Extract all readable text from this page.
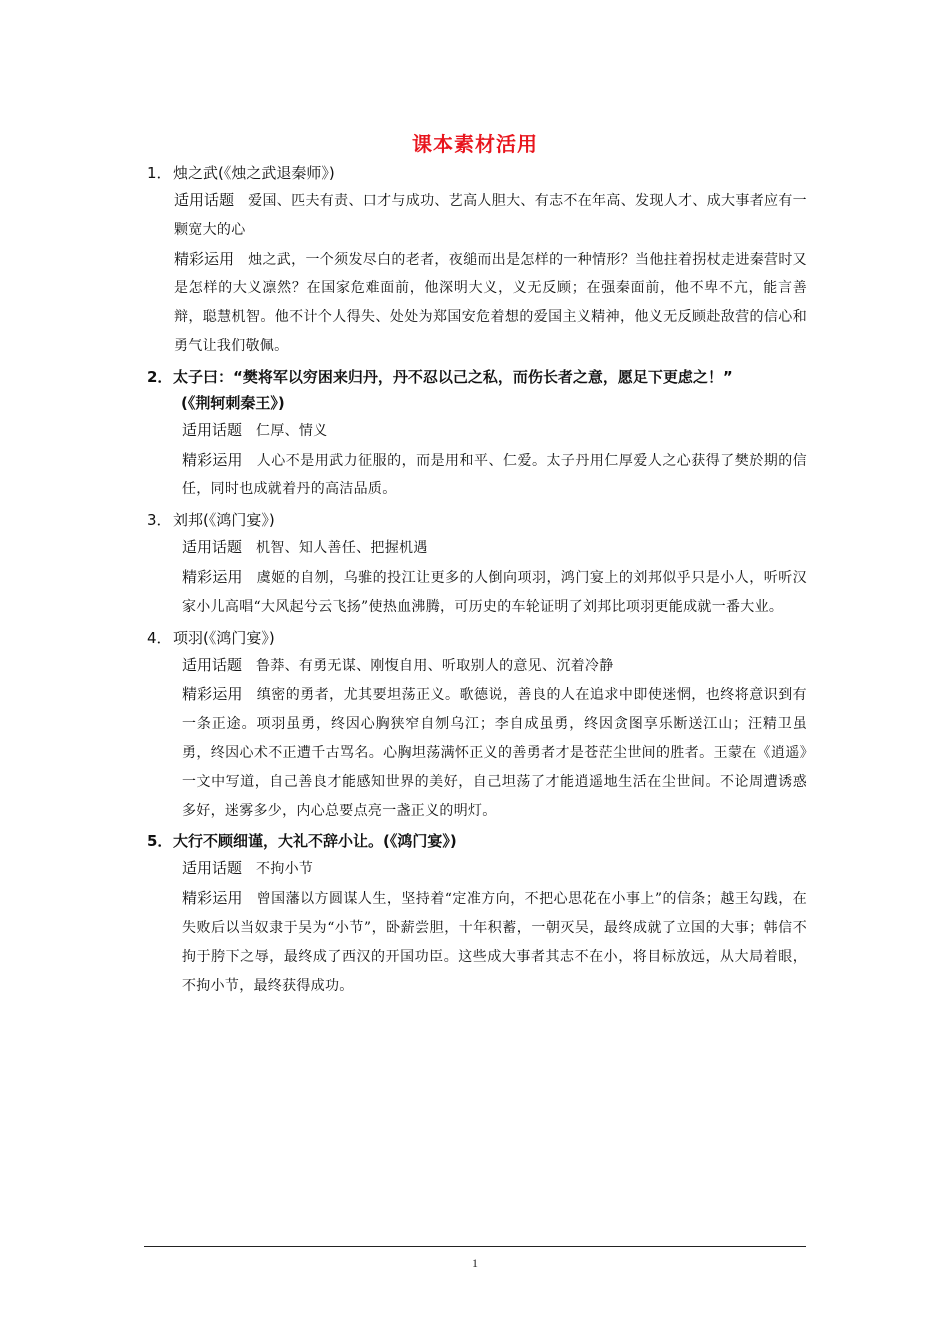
课本素材活用
1．烛之武(《烛之武退秦师》)
适用话题 爱国、匹夫有责、口才与成功、艺高人胆大、有志不在年高、发现人才、成大事者应有一颗宽大的心
精彩运用 烛之武，一个须发尽白的老者，夜缒而出是怎样的一种情形？当他拄着拐杖走进秦营时又是怎样的大义凛然？在国家危难面前，他深明大义，义无反顾；在强秦面前，他不卑不亢，能言善辩，聪慧机智。他不计个人得失、处处为郑国安危着想的爱国主义精神，他义无反顾赴敌营的信心和勇气让我们敬佩。
2．太子曰：“樊将军以穷困来归丹，丹不忍以己之私，而伤长者之意，愿足下更虑之！”
(《荆轲刺秦王》)
适用话题 仁厚、情义
精彩运用 人心不是用武力征服的，而是用和平、仁爱。太子丹用仁厚爱人之心获得了樊於期的信任，同时也成就着丹的高洁品质。
3．刘邦(《鸿门宴》)
适用话题 机智、知人善任、把握机遇
精彩运用 虞姬的自刎，乌骓的投江让更多的人倒向项羽，鸿门宴上的刘邦似乎只是小人，听听汉家小儿高唱“大风起兮云飞扬”使热血沸腾，可历史的车轮证明了刘邦比项羽更能成就一番大业。
4．项羽(《鸿门宴》)
适用话题 鲁莽、有勇无谋、刚愎自用、听取别人的意见、沉着冷静
精彩运用 缜密的勇者，尤其要坦荡正义。歌德说，善良的人在追求中即使迷惘，也终将意识到有一条正途。项羽虽勇，终因心胸狭窄自刎乌江；李自成虽勇，终因贪图享乐断送江山；汪精卫虽勇，终因心术不正遭千古骂名。心胸坦荡满怀正义的善勇者才是苍茫尘世间的胜者。王蒙在《逍遥》一文中写道，自己善良才能感知世界的美好，自己坦荡了才能逍遥地生活在尘世间。不论周遭诱惑多好，迷雾多少，内心总要点亮一盏正义的明灯。
5．大行不顾细谨，大礼不辞小让。(《鸿门宴》)
适用话题 不拘小节
精彩运用 曾国藩以方圆谋人生，坚持着“定准方向，不把心思花在小事上”的信条；越王勾践，在失败后以当奴隶于吴为“小节”，卧薪尝胆，十年积蓄，一朝灭吴，最终成就了立国的大事；韩信不拘于胯下之辱，最终成了西汉的开国功臣。这些成大事者其志不在小，将目标放远，从大局着眼，不拘小节，最终获得成功。
1
